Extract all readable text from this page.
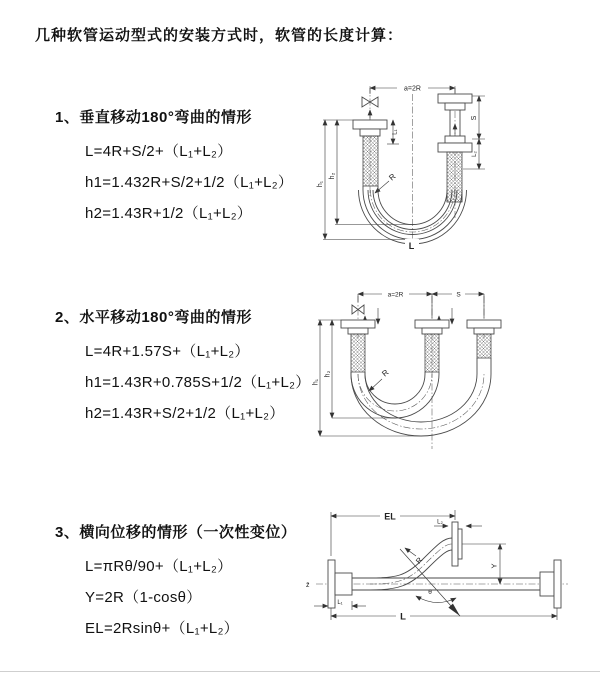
几种软管运动型式的安装方式时，软管的长度计算：
1、垂直移动180°弯曲的情形
L=4R+S/2+（L₁+L₂）
h1=1.432R+S/2+1/2（L₁+L₂）
h2=1.43R+1/2（L₁+L₂）
2、水平移动180°弯曲的情形
L=4R+1.57S+（L₁+L₂）
h1=1.43R+0.785S+1/2（L₁+L₂）
h2=1.43R+S/2+1/2（L₁+L₂）
3、横向位移的情形（一次性变位）
L=πRθ/90+（L₁+L₂）
Y=2R（1-cosθ）
EL=2Rsinθ+（L₁+L₂）
a=2R
h₁
h₂
L₁
S
L₂
R
L
a=2R	S
h₁
h₂	R
EL
L₂
Y
L
L₁
R
θ
z̄
